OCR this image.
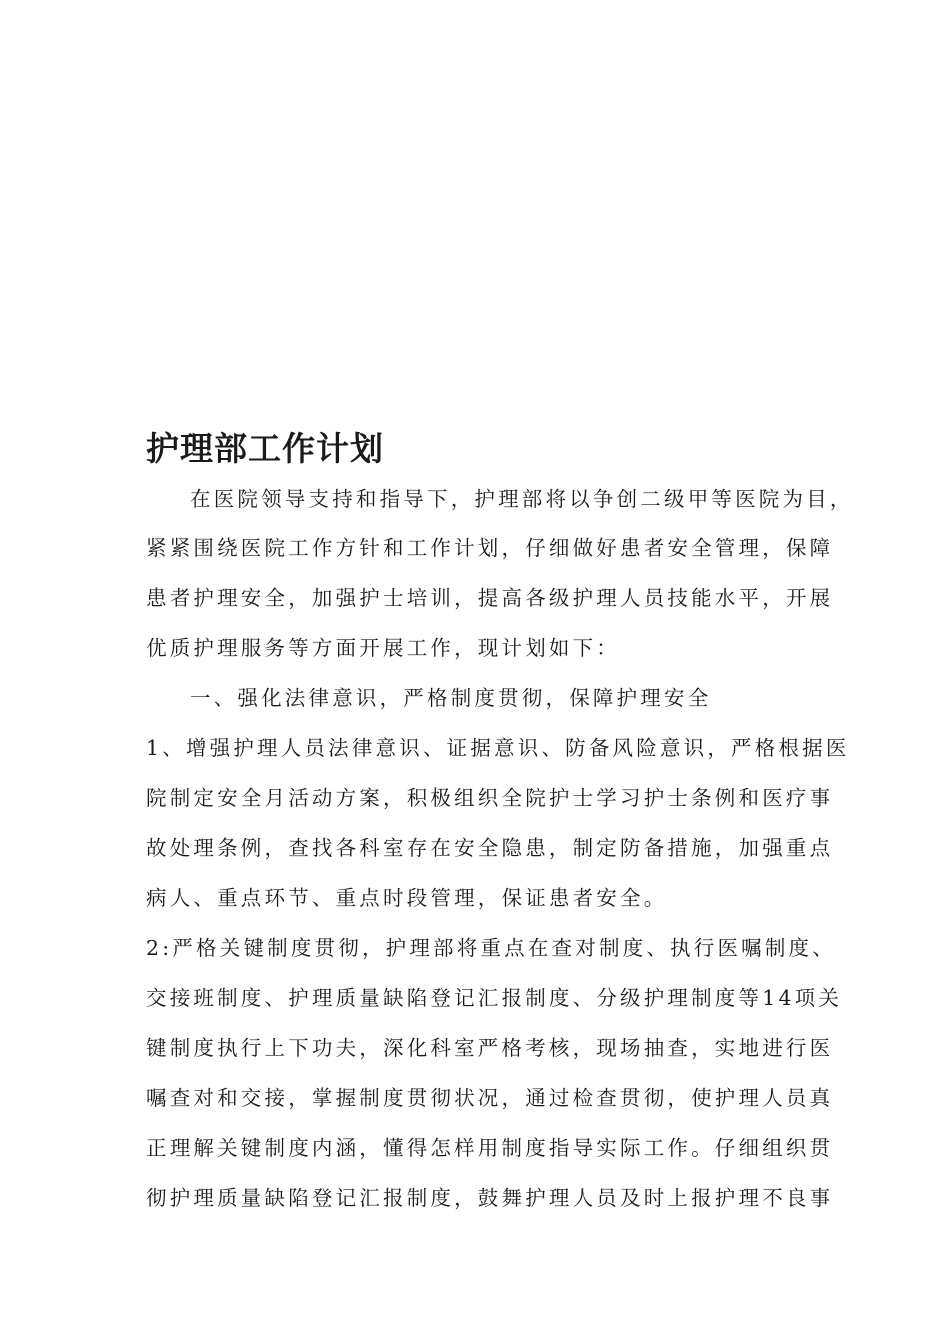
护理部工作计划
在医院领导支持和指导下，护理部将以争创二级甲等医院为目，
紧紧围绕医院工作方针和工作计划，仔细做好患者安全管理，保障
患者护理安全，加强护士培训，提高各级护理人员技能水平，开展
优质护理服务等方面开展工作，现计划如下：
一、强化法律意识，严格制度贯彻，保障护理安全
1、增强护理人员法律意识、证据意识、防备风险意识，严格根据医
院制定安全月活动方案，积极组织全院护士学习护士条例和医疗事
故处理条例，查找各科室存在安全隐患，制定防备措施，加强重点
病人、重点环节、重点时段管理，保证患者安全。
2:严格关键制度贯彻，护理部将重点在查对制度、执行医嘱制度、
交接班制度、护理质量缺陷登记汇报制度、分级护理制度等14项关
键制度执行上下功夫，深化科室严格考核，现场抽查，实地进行医
嘱查对和交接，掌握制度贯彻状况，通过检查贯彻，使护理人员真
正理解关键制度内涵，懂得怎样用制度指导实际工作。仔细组织贯
彻护理质量缺陷登记汇报制度，鼓舞护理人员及时上报护理不良事
